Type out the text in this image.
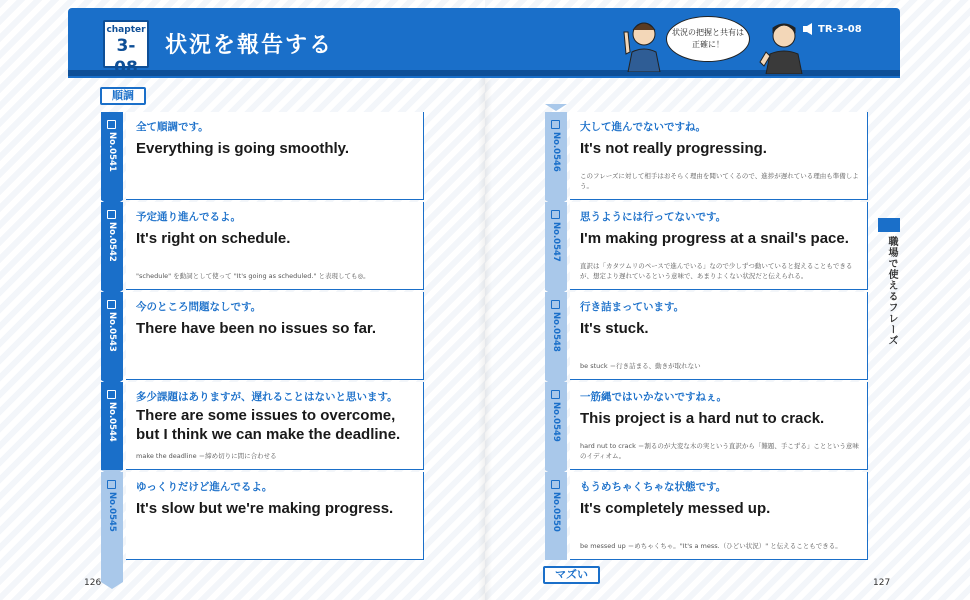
chapter
3-08
状況を報告する
状況の把握と共有は
正確に！
TR-3-08
順調
マズい
No.0541
全て順調です。
Everything is going smoothly.
No.0542
予定通り進んでるよ。
It's right on schedule.
"schedule" を動詞として使って "It's going as scheduled." と表現しても◎。
No.0543
今のところ問題なしです。
There have been no issues so far.
No.0544
多少課題はありますが、遅れることはないと思います。
There are some issues to overcome, but I think we can make the deadline.
make the deadline ＝締め切りに間に合わせる
No.0545
ゆっくりだけど進んでるよ。
It's slow but we're making progress.
No.0546
大して進んでないですね。
It's not really progressing.
このフレーズに対して相手はおそらく理由を聞いてくるので、進捗が遅れている理由も準備しよう。
No.0547
思うようには行ってないです。
I'm making progress at a snail's pace.
直訳は「カタツムリのペースで進んでいる」なので少しずつ動いていると捉えることもできるが、想定より遅れているという意味で、あまりよくない状況だと伝えられる。
No.0548
行き詰まっています。
It's stuck.
be stuck ＝行き詰まる、動きが取れない
No.0549
一筋縄ではいかないですねぇ。
This project is a hard nut to crack.
hard nut to crack ＝割るのが大変な木の実という直訳から「難題、手こずる」ことという意味のイディオム。
No.0550
もうめちゃくちゃな状態です。
It's completely messed up.
be messed up ＝めちゃくちゃ。"It's a mess.（ひどい状況）" と伝えることもできる。
職場で使えるフレーズ
126	127
